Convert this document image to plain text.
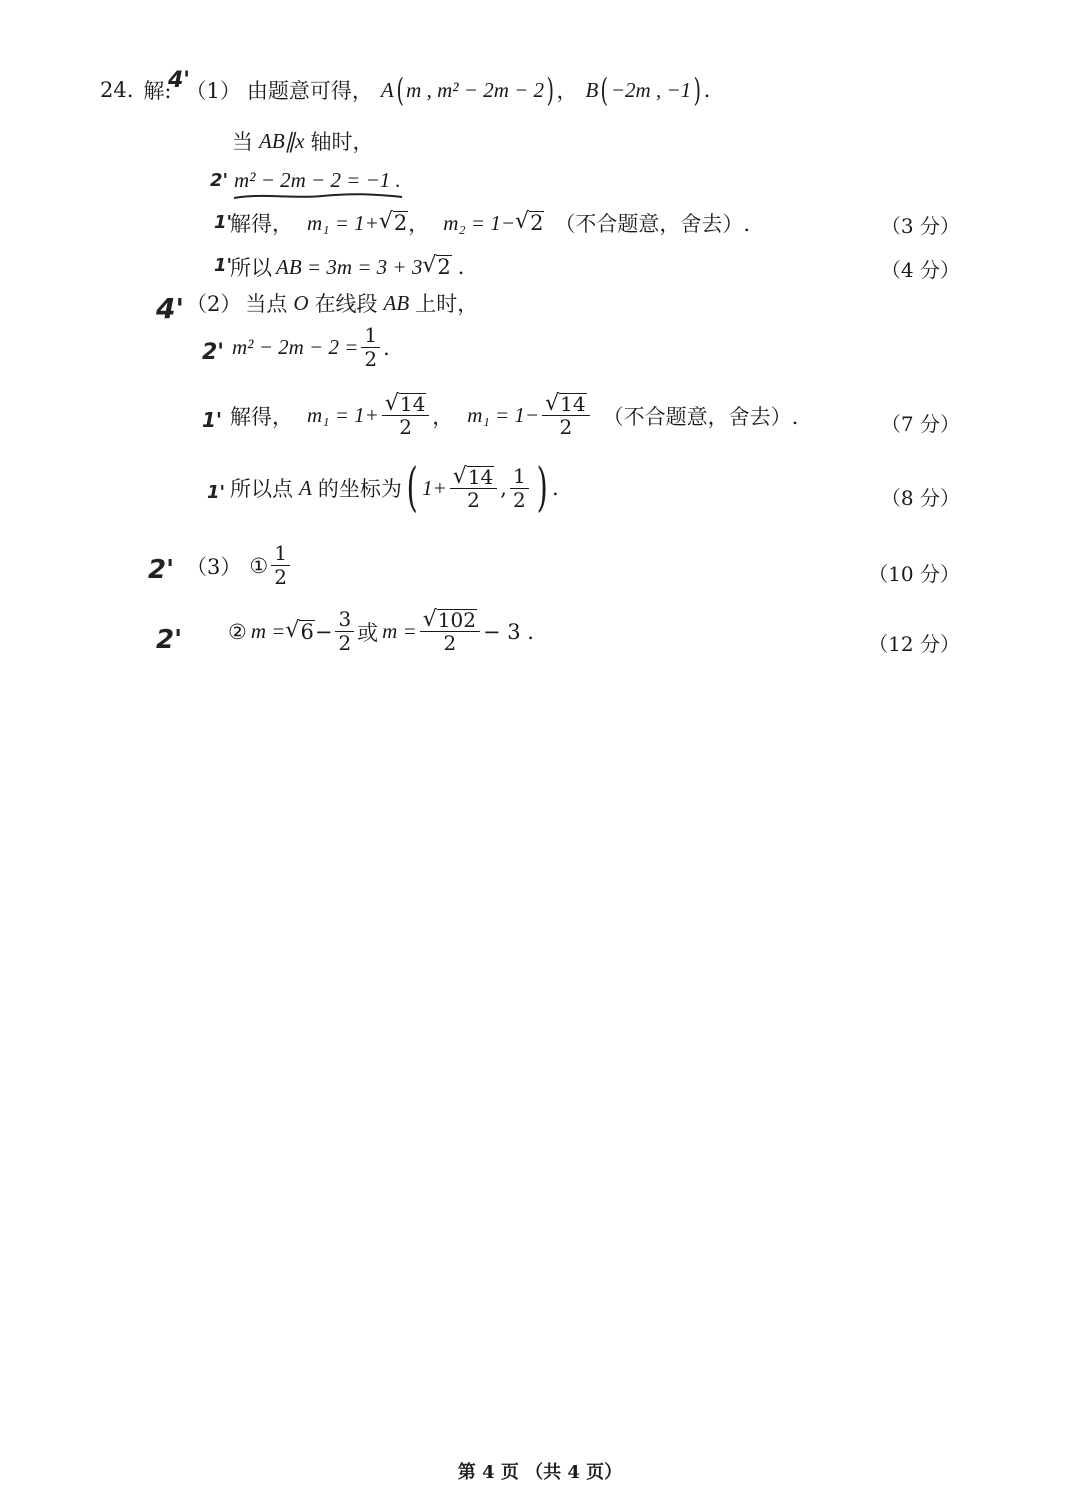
4'
2'
1'
1'
4'
2'
1'
1'
2'
2'
24. 解: （1） 由题意可得， A ( m , m² − 2m − 2 ) ， B ( −2m , −1 ) .
当 AB∥x 轴时，
m² − 2m − 2 = −1 .
解得， m₁ = 1+ √ 2 ， m₂ = 1− √ 2 （不合题意，舍去）.	（3 分）
所以 AB = 3m = 3 + 3 √ 2 .	（4 分）
（2） 当点 O 在线段 AB 上时，
$m^2 - 2m - 2 = \frac{1}{2}$ .
解得， $m_1 = 1+ \frac{√ 14}{2}$ ， $m_1 = 1- \frac{√ 14}{2}$ （不合题意，舍去）.	（7 分）
所以点 A 的坐标为 ( $1+ \frac{√ 14}{2}$ , $\frac{1}{2}$ ) .	（8 分）
（3） ① $\frac{1}{2}$	（10 分）
② m = √ $6 - \frac{3}{2}$ 或 $m = \frac{√ 102}{2} - 3$ .
（12 分）
第 4 页 （共 4 页）
